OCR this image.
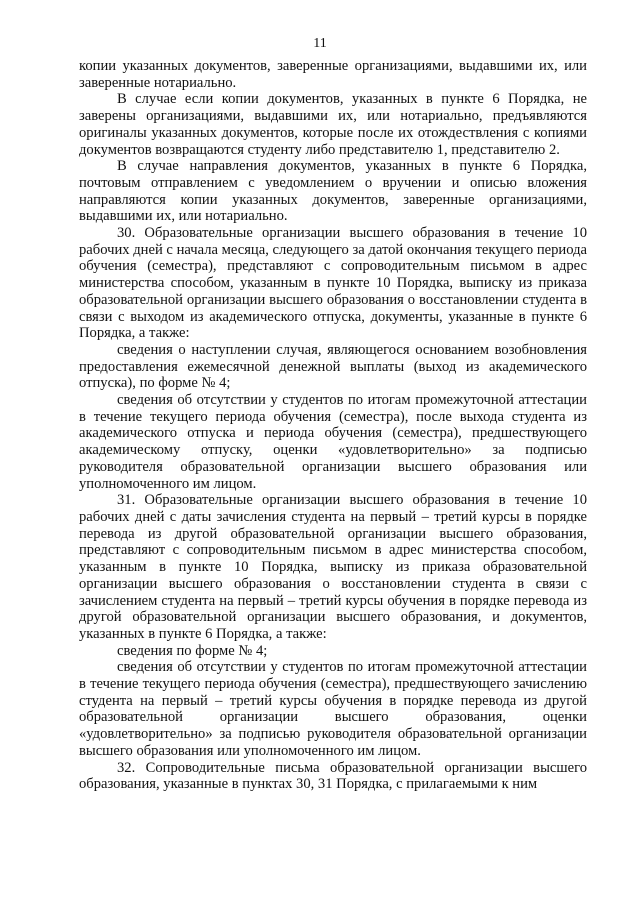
11

копии указанных документов, заверенные организациями, выдавшими их, или заверенные нотариально.

В случае если копии документов, указанных в пункте 6 Порядка, не заверены организациями, выдавшими их, или нотариально, предъявляются оригиналы указанных документов, которые после их отождествления с копиями документов возвращаются студенту либо представителю 1, представителю 2.

В случае направления документов, указанных в пункте 6 Порядка, почтовым отправлением с уведомлением о вручении и описью вложения направляются копии указанных документов, заверенные организациями, выдавшими их, или нотариально.

30. Образовательные организации высшего образования в течение 10 рабочих дней с начала месяца, следующего за датой окончания текущего периода обучения (семестра), представляют с сопроводительным письмом в адрес министерства способом, указанным в пункте 10 Порядка, выписку из приказа образовательной организации высшего образования о восстановлении студента в связи с выходом из академического отпуска, документы, указанные в пункте 6 Порядка, а также:

сведения о наступлении случая, являющегося основанием возобновления предоставления ежемесячной денежной выплаты (выход из академического отпуска), по форме № 4;

сведения об отсутствии у студентов по итогам промежуточной аттестации в течение текущего периода обучения (семестра), после выхода студента из академического отпуска и периода обучения (семестра), предшествующего академическому отпуску, оценки «удовлетворительно» за подписью руководителя образовательной организации высшего образования или уполномоченного им лицом.

31. Образовательные организации высшего образования в течение 10 рабочих дней с даты зачисления студента на первый – третий курсы в порядке перевода из другой образовательной организации высшего образования, представляют с сопроводительным письмом в адрес министерства способом, указанным в пункте 10 Порядка, выписку из приказа образовательной организации высшего образования о восстановлении студента в связи с зачислением студента на первый – третий курсы обучения в порядке перевода из другой образовательной организации высшего образования, и документов, указанных в пункте 6 Порядка, а также:

сведения по форме № 4;

сведения об отсутствии у студентов по итогам промежуточной аттестации в течение текущего периода обучения (семестра), предшествующего зачислению студента на первый – третий курсы обучения в порядке перевода из другой образовательной организации высшего образования, оценки «удовлетворительно» за подписью руководителя образовательной организации высшего образования или уполномоченного им лицом.

32. Сопроводительные письма образовательной организации высшего образования, указанные в пунктах 30, 31 Порядка, с прилагаемыми к ним
